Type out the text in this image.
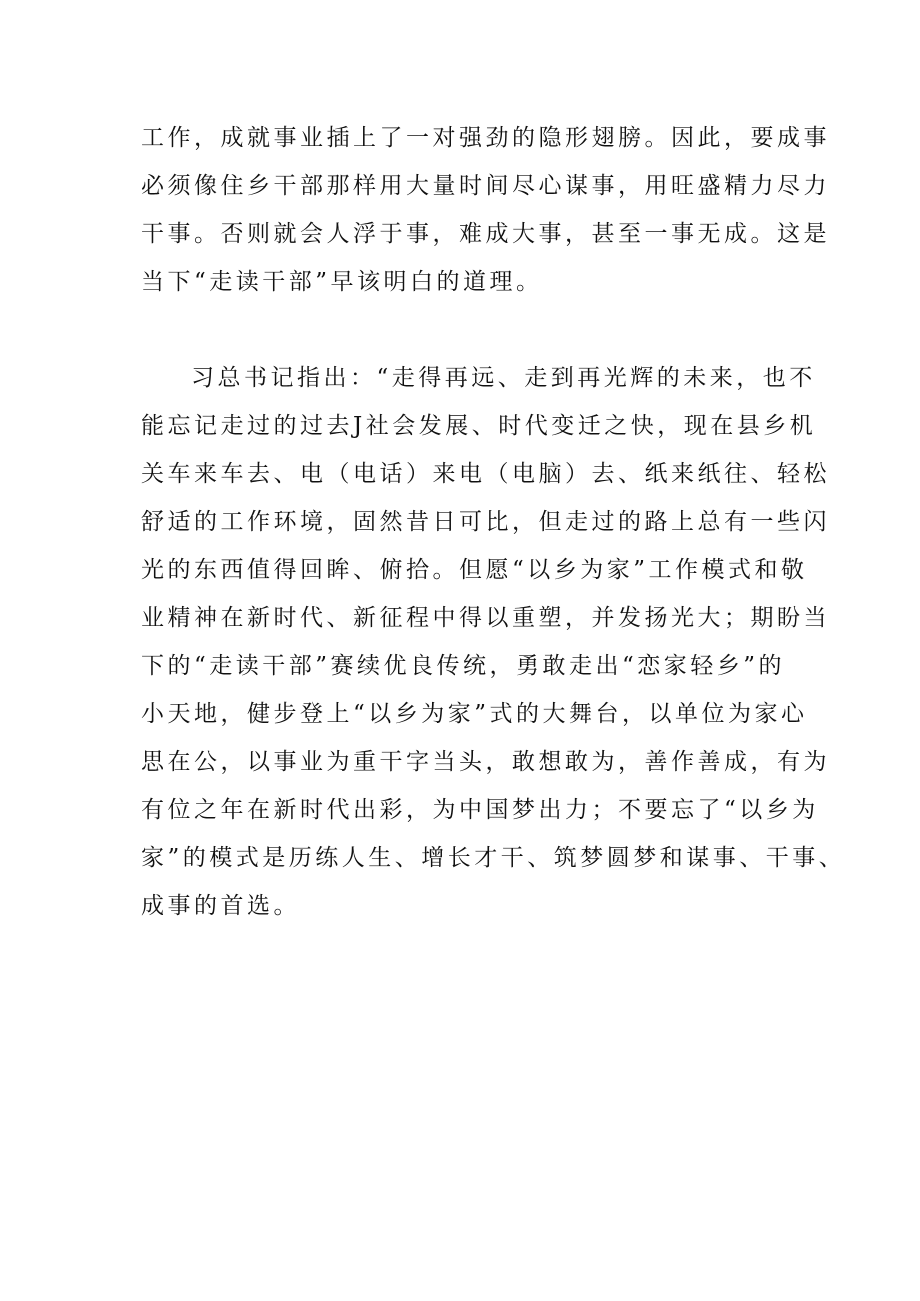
工作，成就事业插上了一对强劲的隐形翅膀。因此，要成事
必须像住乡干部那样用大量时间尽心谋事，用旺盛精力尽力
干事。否则就会人浮于事，难成大事，甚至一事无成。这是
当下“走读干部”早该明白的道理。
习总书记指出：“走得再远、走到再光辉的未来，也不
能忘记走过的过去J社会发展、时代变迁之快，现在县乡机
关车来车去、电（电话）来电（电脑）去、纸来纸往、轻松
舒适的工作环境，固然昔日可比，但走过的路上总有一些闪
光的东西值得回眸、俯拾。但愿“以乡为家”工作模式和敬
业精神在新时代、新征程中得以重塑，并发扬光大；期盼当
下的“走读干部”赛续优良传统，勇敢走出“恋家轻乡”的
小天地，健步登上“以乡为家”式的大舞台，以单位为家心
思在公，以事业为重干字当头，敢想敢为，善作善成，有为
有位之年在新时代出彩，为中国梦出力；不要忘了“以乡为
家”的模式是历练人生、增长才干、筑梦圆梦和谋事、干事、
成事的首选。
